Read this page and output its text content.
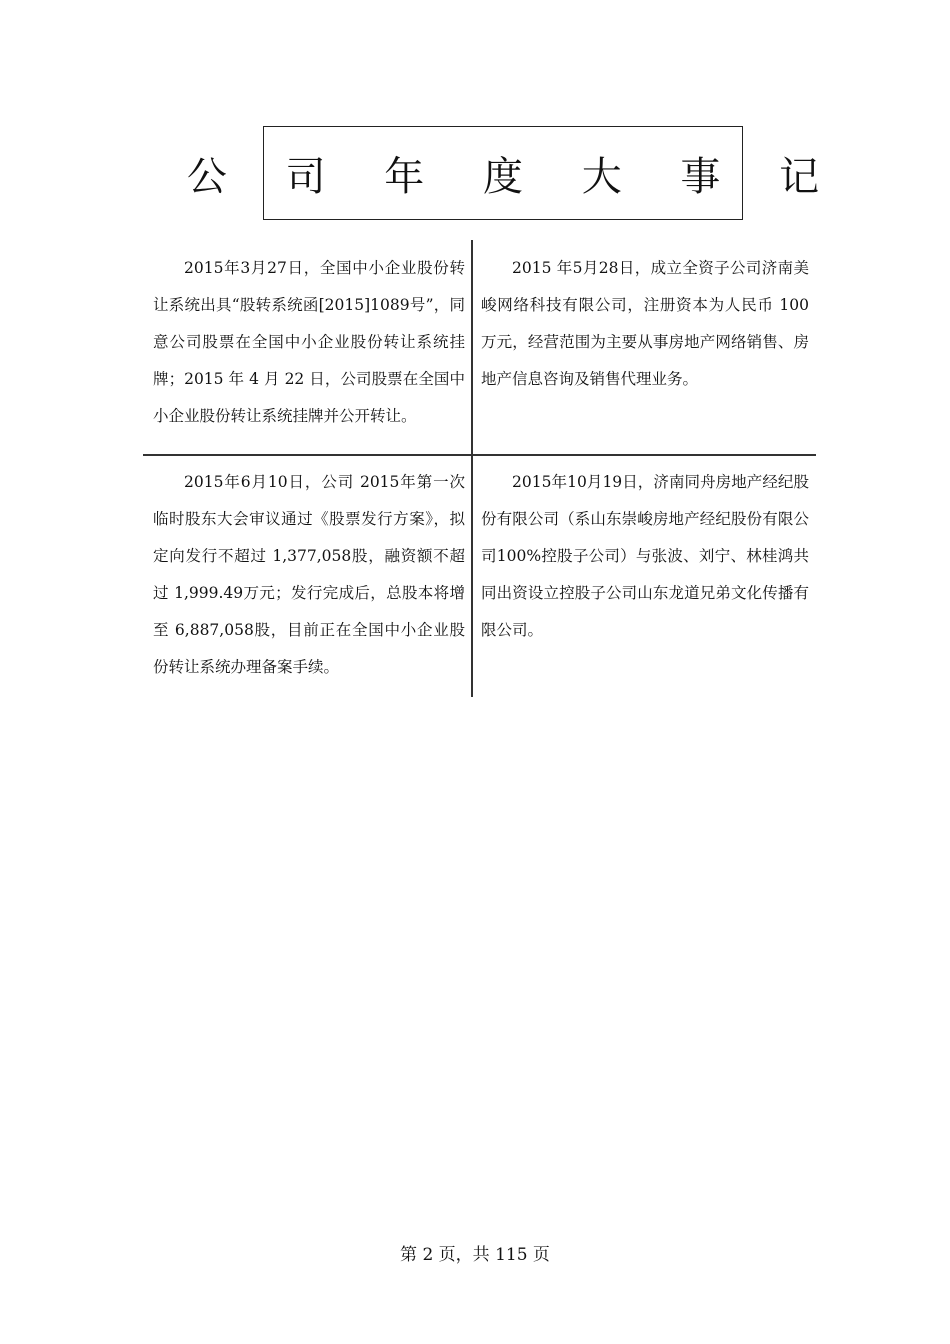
公 司 年 度 大 事 记
2015年3月27日，全国中小企业股份转让系统出具“股转系统函[2015]1089号”，同意公司股票在全国中小企业股份转让系统挂牌；2015 年 4 月 22 日，公司股票在全国中小企业股份转让系统挂牌并公开转让。
2015 年5月28日，成立全资子公司济南美峻网络科技有限公司，注册资本为人民币 100 万元，经营范围为主要从事房地产网络销售、房地产信息咨询及销售代理业务。
2015年6月10日，公司 2015年第一次临时股东大会审议通过《股票发行方案》，拟定向发行不超过 1,377,058股，融资额不超过 1,999.49万元；发行完成后，总股本将增至 6,887,058股，目前正在全国中小企业股份转让系统办理备案手续。
2015年10月19日，济南同舟房地产经纪股份有限公司（系山东崇峻房地产经纪股份有限公司100%控股子公司）与张波、刘宁、林桂鸿共同出资设立控股子公司山东龙道兄弟文化传播有限公司。
第 2 页，共 115 页
